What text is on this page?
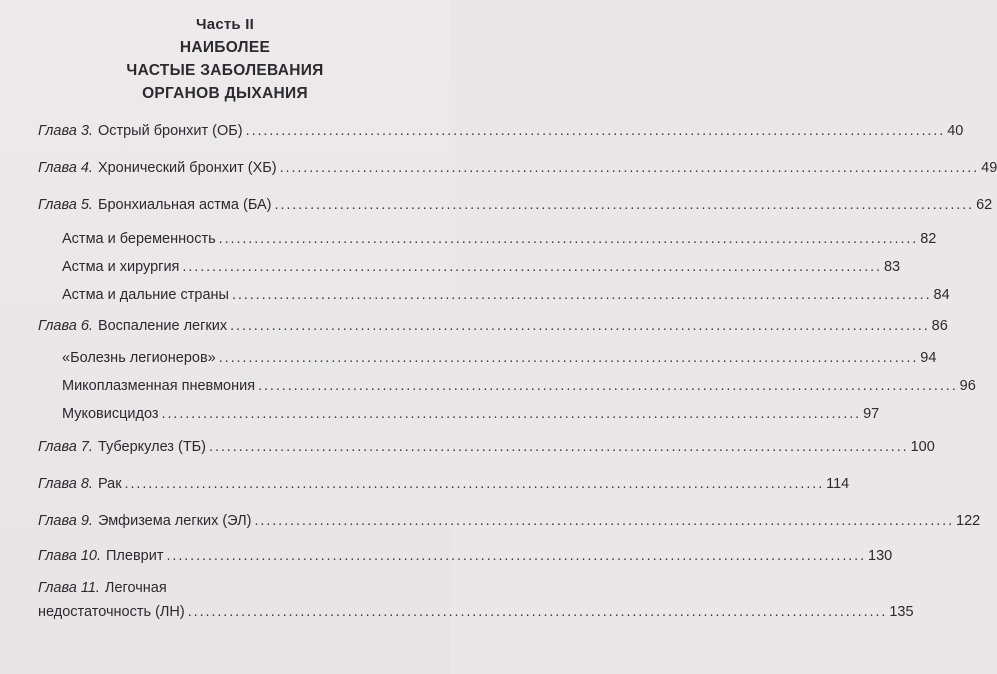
Часть II
НАИБОЛЕЕ
ЧАСТЫЕ ЗАБОЛЕВАНИЯ
ОРГАНОВ ДЫХАНИЯ
Глава 3. Острый бронхит (ОБ) ...................................................................................................................... 40
Глава 4. Хронический бронхит (ХБ) ...................................................................................................................... 49
Глава 5. Бронхиальная астма (БА) ...................................................................................................................... 62
Астма и беременность ...................................................................................................................... 82
Астма и хирургия ...................................................................................................................... 83
Астма и дальние страны ...................................................................................................................... 84
Глава 6. Воспаление легких ...................................................................................................................... 86
«Болезнь легионеров» ...................................................................................................................... 94
Микоплазменная пневмония ...................................................................................................................... 96
Муковисцидоз ...................................................................................................................... 97
Глава 7. Туберкулез (ТБ) ...................................................................................................................... 100
Глава 8. Рак ...................................................................................................................... 114
Глава 9. Эмфизема легких (ЭЛ) ...................................................................................................................... 122
Глава 10. Плеврит ...................................................................................................................... 130
Глава 11. Легочная
недостаточность (ЛН) ...................................................................................................................... 135
